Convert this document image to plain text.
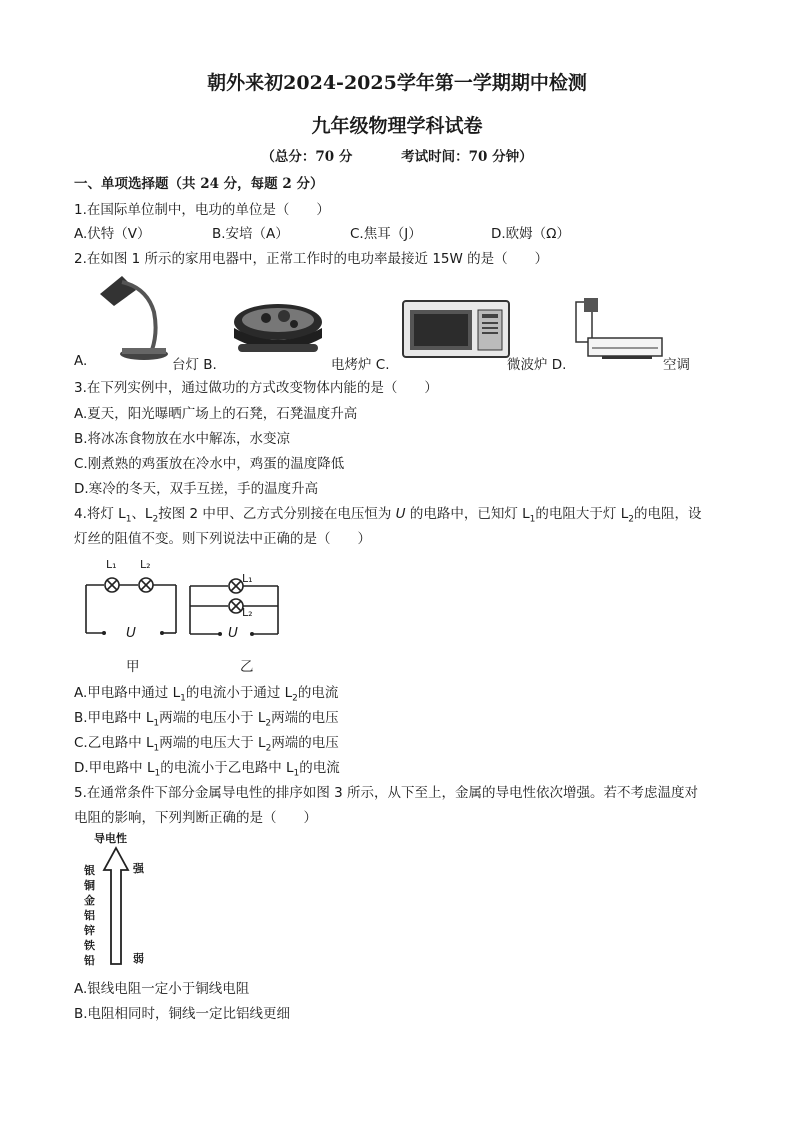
朝外来初2024-2025学年第一学期期中检测
九年级物理学科试卷
（总分：70 分	考试时间：70 分钟）
一、单项选择题（共 24 分，每题 2 分）
1.在国际单位制中，电功的单位是（　　）
A.伏特（V）	B.安培（A）	C.焦耳（J）	D.欧姆（Ω）
2.在如图 1 所示的家用电器中，正常工作时的电功率最接近 15W 的是（　　）
A.	台灯 B.	电烤炉 C.	微波炉 D.	空调
3.在下列实例中，通过做功的方式改变物体内能的是（　　）
A.夏天，阳光曝晒广场上的石凳，石凳温度升高
B.将冰冻食物放在水中解冻，水变凉
C.刚煮熟的鸡蛋放在冷水中，鸡蛋的温度降低
D.寒冷的冬天，双手互搓，手的温度升高
4.将灯 $L_1$、$L_2$按图 2 中甲、乙方式分别接在电压恒为 U 的电路中，已知灯 $L_1$的电阻大于灯 $L_2$的电阻，设
灯丝的阻值不变。则下列说法中正确的是（　　）
L₁ L₂
U
甲
L₁
L₂
U
乙
A.甲电路中通过 $L_1$的电流小于通过 $L_2$的电流
B.甲电路中 $L_1$两端的电压小于 $L_2$两端的电压
C.乙电路中 $L_1$两端的电压大于 $L_2$两端的电压
D.甲电路中 $L_1$的电流小于乙电路中 $L_1$的电流
5.在通常条件下部分金属导电性的排序如图 3 所示，从下至上，金属的导电性依次增强。若不考虑温度对
电阻的影响，下列判断正确的是（　　）
导电性
银
铜
金
铝
锌
铁
铅
强
弱
A.银线电阻一定小于铜线电阻
B.电阻相同时，铜线一定比铝线更细
